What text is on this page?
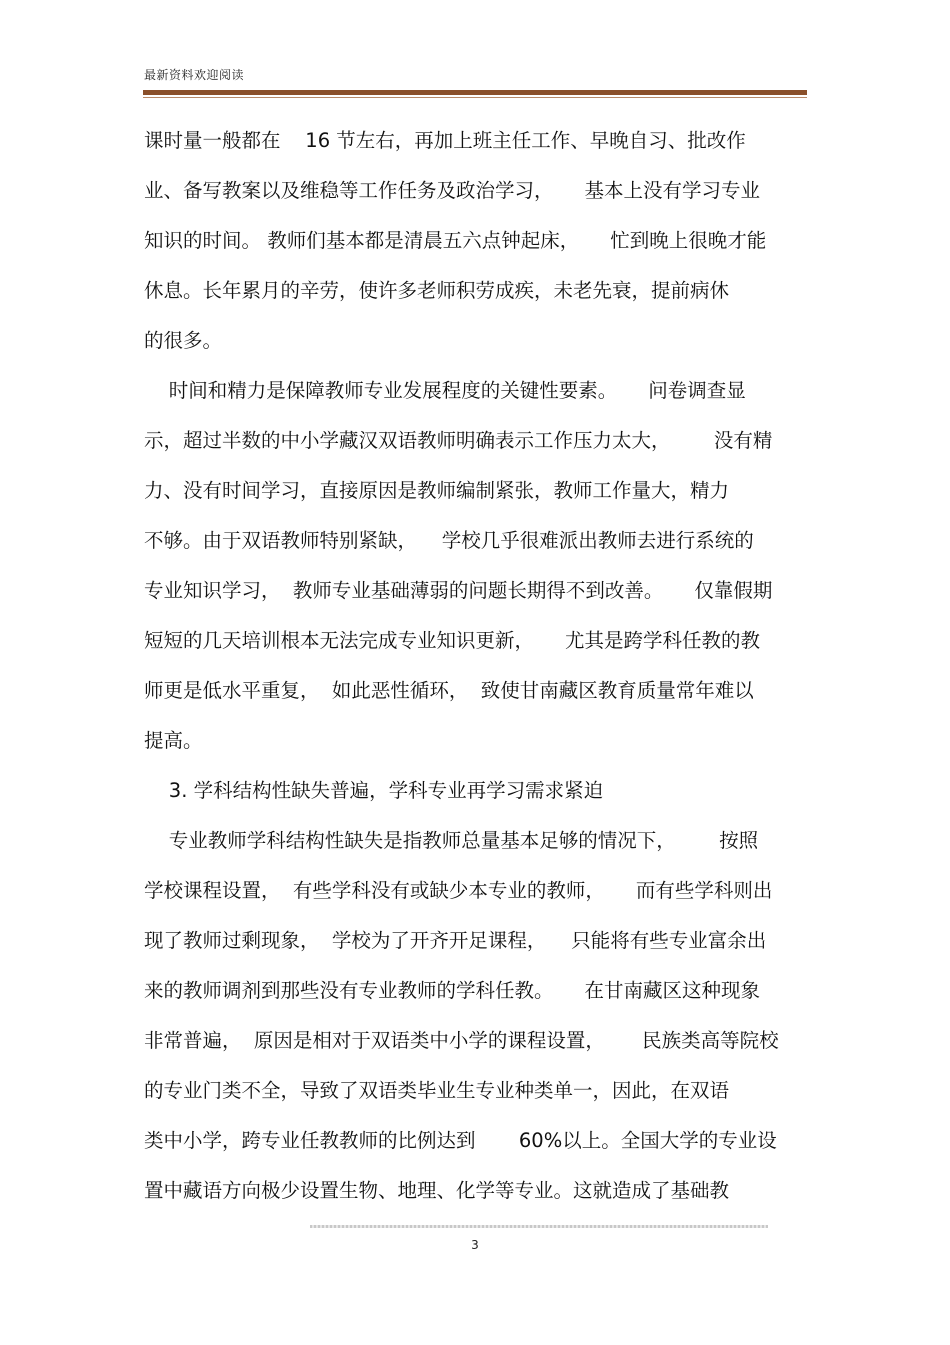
最新资料欢迎阅读
课时量一般都在    16 节左右，再加上班主任工作、早晚自习、批改作
业、备写教案以及维稳等工作任务及政治学习，     基本上没有学习专业
知识的时间。 教师们基本都是清晨五六点钟起床，     忙到晚上很晚才能
休息。长年累月的辛劳，使许多老师积劳成疾，未老先衰，提前病休
的很多。
时间和精力是保障教师专业发展程度的关键性要素。     问卷调查显
示，超过半数的中小学藏汉双语教师明确表示工作压力太大，       没有精
力、没有时间学习，直接原因是教师编制紧张，教师工作量大，精力
不够。由于双语教师特别紧缺，    学校几乎很难派出教师去进行系统的
专业知识学习，  教师专业基础薄弱的问题长期得不到改善。     仅靠假期
短短的几天培训根本无法完成专业知识更新，     尤其是跨学科任教的教
师更是低水平重复，  如此恶性循环，  致使甘南藏区教育质量常年难以
提高。
3. 学科结构性缺失普遍，学科专业再学习需求紧迫
专业教师学科结构性缺失是指教师总量基本足够的情况下，       按照
学校课程设置，  有些学科没有或缺少本专业的教师，     而有些学科则出
现了教师过剩现象，  学校为了开齐开足课程，    只能将有些专业富余出
来的教师调剂到那些没有专业教师的学科任教。     在甘南藏区这种现象
非常普遍，  原因是相对于双语类中小学的课程设置，      民族类高等院校
的专业门类不全，导致了双语类毕业生专业种类单一，因此，在双语
类中小学，跨专业任教教师的比例达到       60%以上。全国大学的专业设
置中藏语方向极少设置生物、地理、化学等专业。这就造成了基础教
3
